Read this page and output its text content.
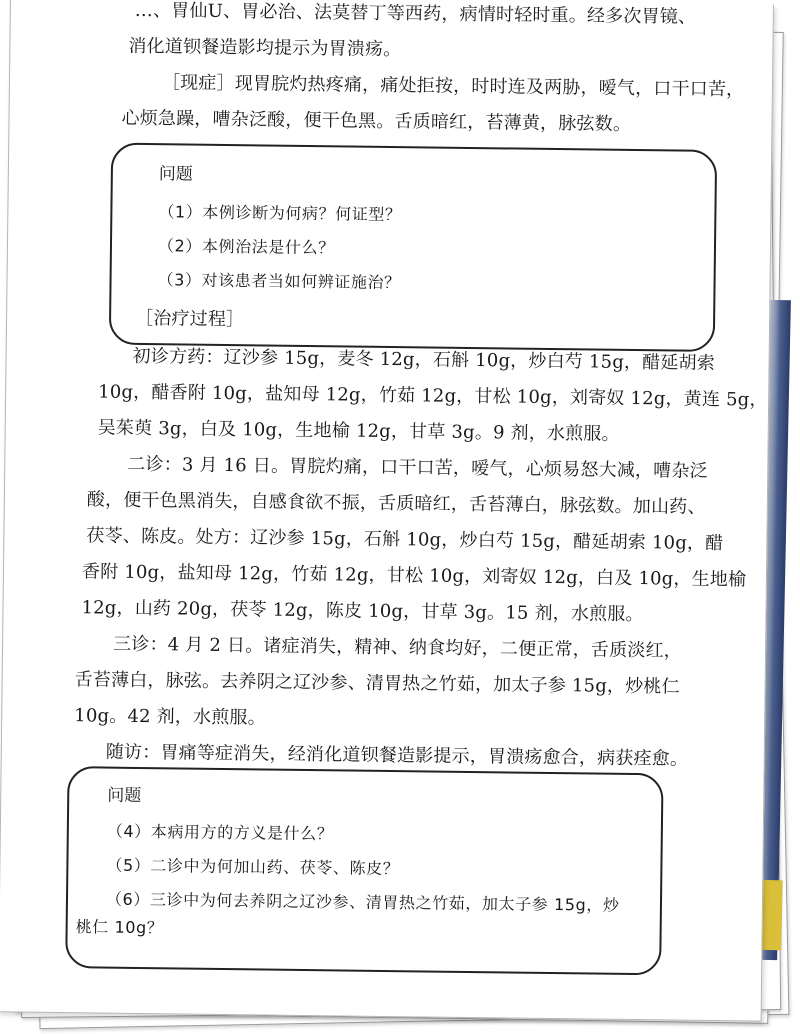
…、胃仙U、胃必治、法莫替丁等西药，病情时轻时重。经多次胃镜、
消化道钡餐造影均提示为胃溃疡。
［现症］现胃脘灼热疼痛，痛处拒按，时时连及两胁，嗳气，口干口苦，
心烦急躁，嘈杂泛酸，便干色黑。舌质暗红，苔薄黄，脉弦数。
问题
（1）本例诊断为何病？何证型？
（2）本例治法是什么？
（3）对该患者当如何辨证施治？
［治疗过程］
初诊方药：辽沙参 15g，麦冬 12g，石斛 10g，炒白芍 15g，醋延胡索
10g，醋香附 10g，盐知母 12g，竹茹 12g，甘松 10g，刘寄奴 12g，黄连 5g，
吴茱萸 3g，白及 10g，生地榆 12g，甘草 3g。9 剂，水煎服。
二诊：3 月 16 日。胃脘灼痛，口干口苦，嗳气，心烦易怒大减，嘈杂泛
酸，便干色黑消失，自感食欲不振，舌质暗红，舌苔薄白，脉弦数。加山药、
茯苓、陈皮。处方：辽沙参 15g，石斛 10g，炒白芍 15g，醋延胡索 10g，醋
香附 10g，盐知母 12g，竹茹 12g，甘松 10g，刘寄奴 12g，白及 10g，生地榆
12g，山药 20g，茯苓 12g，陈皮 10g，甘草 3g。15 剂，水煎服。
三诊：4 月 2 日。诸症消失，精神、纳食均好，二便正常，舌质淡红，
舌苔薄白，脉弦。去养阴之辽沙参、清胃热之竹茹，加太子参 15g，炒桃仁
10g。42 剂，水煎服。
随访：胃痛等症消失，经消化道钡餐造影提示，胃溃疡愈合，病获痊愈。
问题
（4）本病用方的方义是什么？
（5）二诊中为何加山药、茯苓、陈皮？
（6）三诊中为何去养阴之辽沙参、清胃热之竹茹，加太子参 15g，炒
桃仁 10g？
